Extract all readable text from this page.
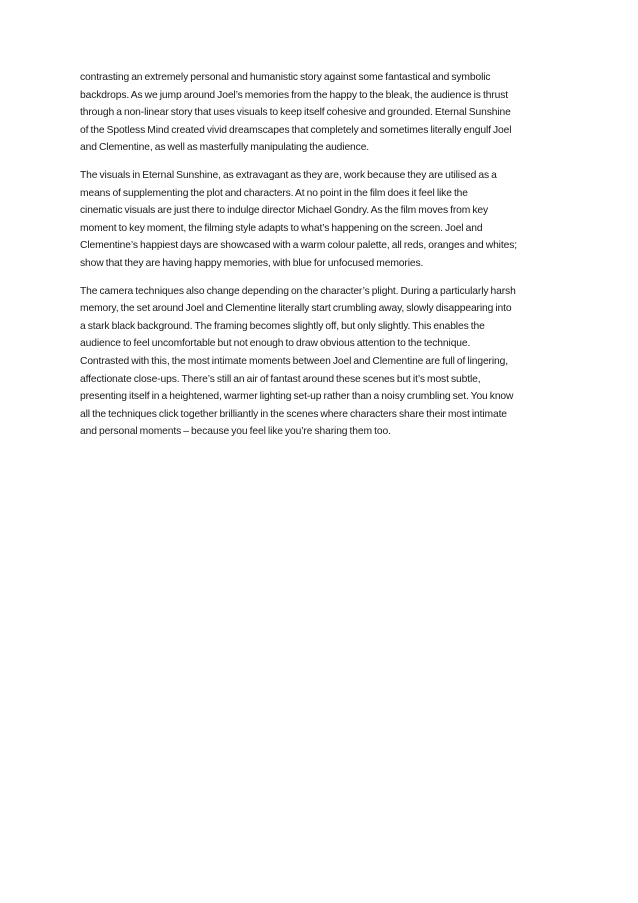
contrasting an extremely personal and humanistic story against some fantastical and symbolic
backdrops. As we jump around Joel’s memories from the happy to the bleak, the audience is thrust
through a non-linear story that uses visuals to keep itself cohesive and grounded. Eternal Sunshine
of the Spotless Mind created vivid dreamscapes that completely and sometimes literally engulf Joel
and Clementine, as well as masterfully manipulating the audience.

The visuals in Eternal Sunshine, as extravagant as they are, work because they are utilised as a
means of supplementing the plot and characters. At no point in the film does it feel like the
cinematic visuals are just there to indulge director Michael Gondry. As the film moves from key
moment to key moment, the filming style adapts to what’s happening on the screen. Joel and
Clementine’s happiest days are showcased with a warm colour palette, all reds, oranges and whites;
show that they are having happy memories, with blue for unfocused memories.

The camera techniques also change depending on the character’s plight. During a particularly harsh
memory, the set around Joel and Clementine literally start crumbling away, slowly disappearing into
a stark black background. The framing becomes slightly off, but only slightly. This enables the
audience to feel uncomfortable but not enough to draw obvious attention to the technique.
Contrasted with this, the most intimate moments between Joel and Clementine are full of lingering,
affectionate close-ups. There’s still an air of fantast around these scenes but it’s most subtle,
presenting itself in a heightened, warmer lighting set-up rather than a noisy crumbling set. You know
all the techniques click together brilliantly in the scenes where characters share their most intimate
and personal moments – because you feel like you’re sharing them too.
